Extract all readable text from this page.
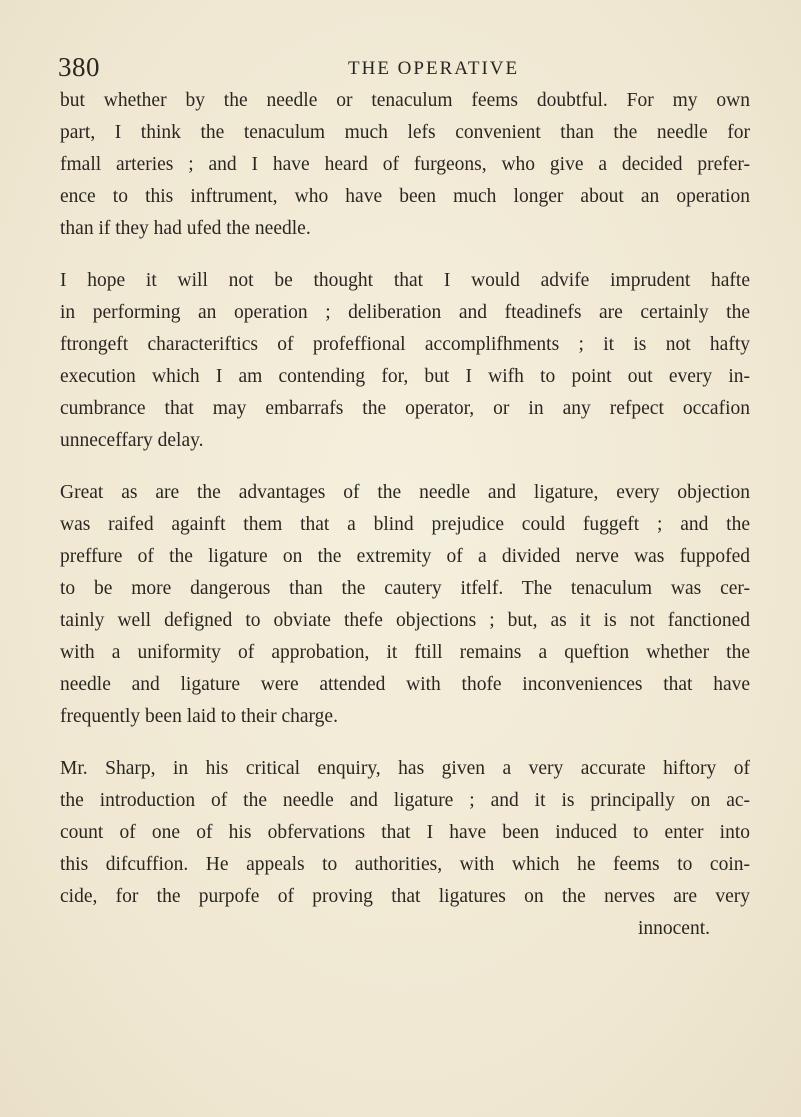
380	THE OPERATIVE
but whether by the needle or tenaculum feems doubtful. For my own
part, I think the tenaculum much lefs convenient than the needle for
fmall arteries ; and I have heard of furgeons, who give a decided prefer-
ence to this inftrument, who have been much longer about an operation
than if they had ufed the needle.
I hope it will not be thought that I would advife imprudent hafte
in performing an operation ; deliberation and fteadinefs are certainly the
ftrongeft characteriftics of profeffional accomplifhments ; it is not hafty
execution which I am contending for, but I wifh to point out every in-
cumbrance that may embarrafs the operator, or in any refpect occafion
unneceffary delay.
Great as are the advantages of the needle and ligature, every objection
was raifed againft them that a blind prejudice could fuggeft ; and the
preffure of the ligature on the extremity of a divided nerve was fuppofed
to be more dangerous than the cautery itfelf. The tenaculum was cer-
tainly well defigned to obviate thefe objections ; but, as it is not fanctioned
with a uniformity of approbation, it ftill remains a queftion whether the
needle and ligature were attended with thofe inconveniences that have
frequently been laid to their charge.
Mr. Sharp, in his critical enquiry, has given a very accurate hiftory of
the introduction of the needle and ligature ; and it is principally on ac-
count of one of his obfervations that I have been induced to enter into
this difcuffion. He appeals to authorities, with which he feems to coin-
cide, for the purpofe of proving that ligatures on the nerves are very
innocent.
